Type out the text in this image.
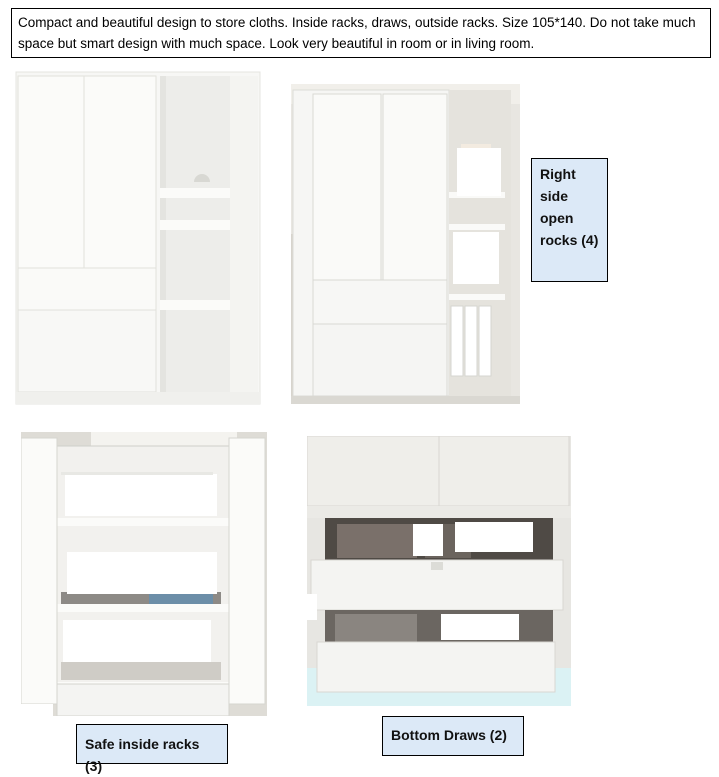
Compact and beautiful design to store cloths. Inside racks, draws, outside racks. Size 105*140. Do not take much space but smart design with much space. Look very beautiful in room or in living room.
Right side open rocks (4)
Safe inside racks (3)
Bottom Draws (2)
